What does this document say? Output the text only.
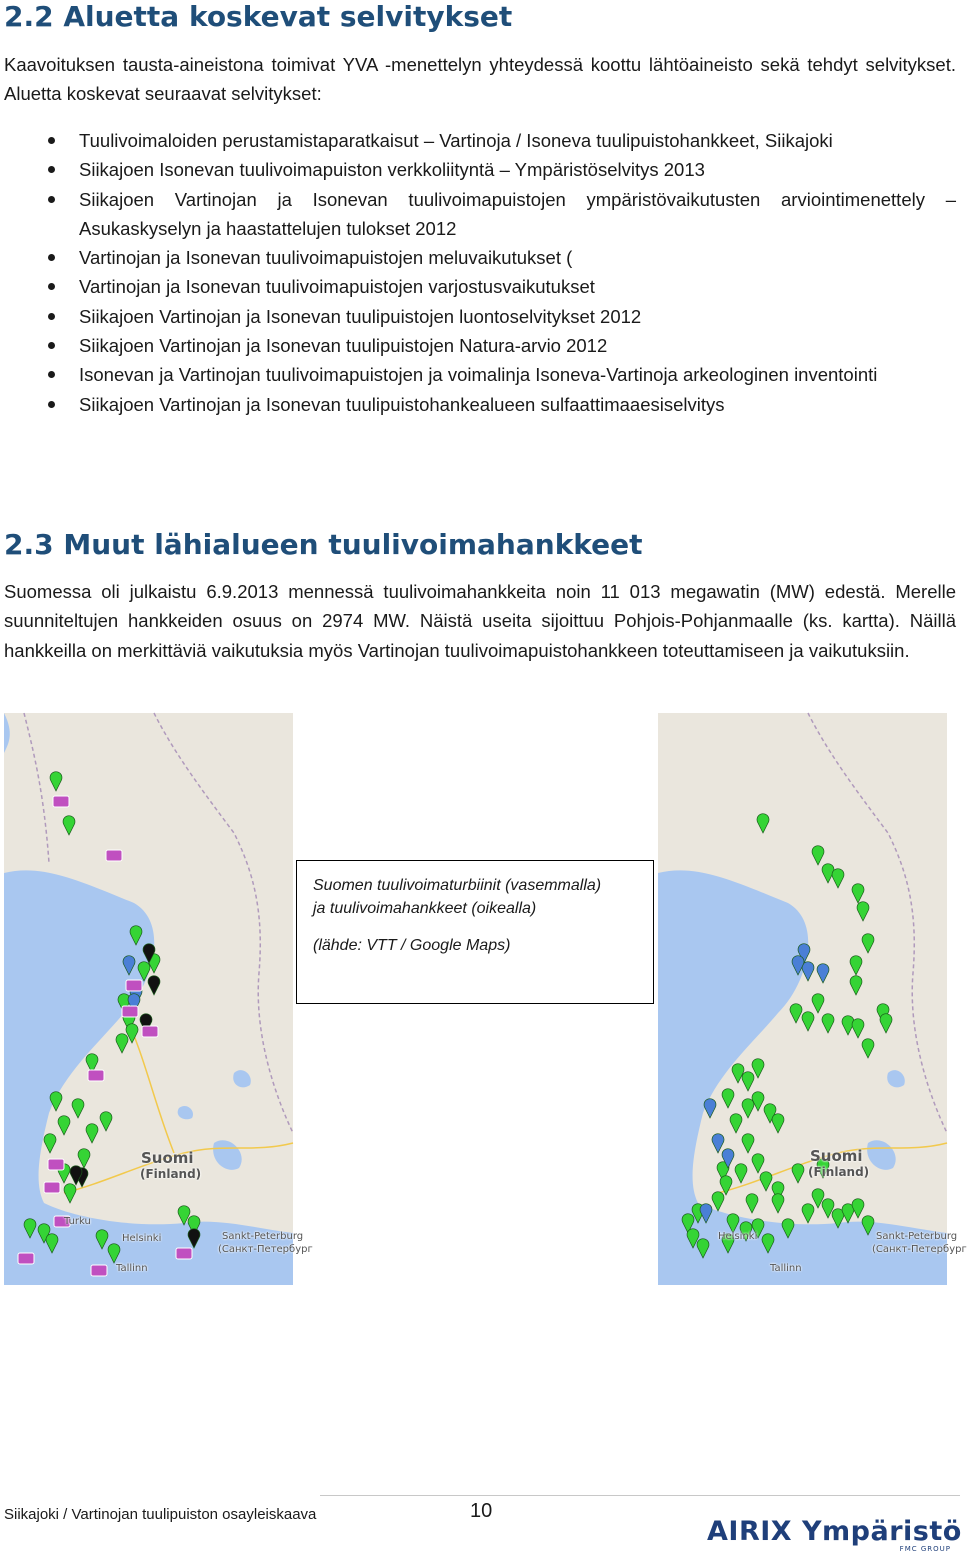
2.2 Aluetta koskevat selvitykset

Kaavoituksen tausta-aineistona toimivat YVA -menettelyn yhteydessä koottu lähtöaineisto sekä tehdyt selvitykset. Aluetta koskevat seuraavat selvitykset:

Tuulivoimaloiden perustamistaparatkaisut – Vartinoja / Isoneva tuulipuistohankkeet, Siikajoki
Siikajoen Isonevan tuulivoimapuiston verkkoliityntä – Ympäristöselvitys 2013
Siikajoen Vartinojan ja Isonevan tuulivoimapuistojen ympäristövaikutusten arviointimenettely – Asukaskyselyn ja haastattelujen tulokset 2012
Vartinojan ja Isonevan tuulivoimapuistojen meluvaikutukset (
Vartinojan ja Isonevan tuulivoimapuistojen varjostusvaikutukset
Siikajoen Vartinojan ja Isonevan tuulipuistojen luontoselvitykset 2012
Siikajoen Vartinojan ja Isonevan tuulipuistojen Natura-arvio 2012
Isonevan ja Vartinojan tuulivoimapuistojen ja voimalinja Isoneva-Vartinoja arkeologinen inventointi
Siikajoen Vartinojan ja Isonevan tuulipuistohankealueen sulfaattimaaesiselvitys
2.3 Muut lähialueen tuulivoimahankkeet

Suomessa oli julkaistu 6.9.2013 mennessä tuulivoimahankkeita noin 11 013 megawatin (MW) edestä. Merelle suunniteltujen hankkeiden osuus on 2974 MW. Näistä useita sijoittuu Pohjois-Pohjanmaalle (ks. kartta). Näillä hankkeilla on merkittäviä vaikutuksia myös Vartinojan tuulivoimapuistohankkeen toteuttamiseen ja vaikutuksiin.

Suomi
(Finland)
Turku
Helsinki
Tallinn
Sankt-Peterburg
(Санкт-Петербург
Suomi
(Finland)
Helsinki
Tallinn
Sankt-Peterburg
(Санкт-Петербург
Suomen tuulivoimaturbiinit (vasemmalla)
ja tuulivoimahankkeet (oikealla)
(lähde: VTT / Google Maps)
Siikajoki / Vartinojan tuulipuiston osayleiskaava	10
AIRIX Ympäristö
FMC GROUP
